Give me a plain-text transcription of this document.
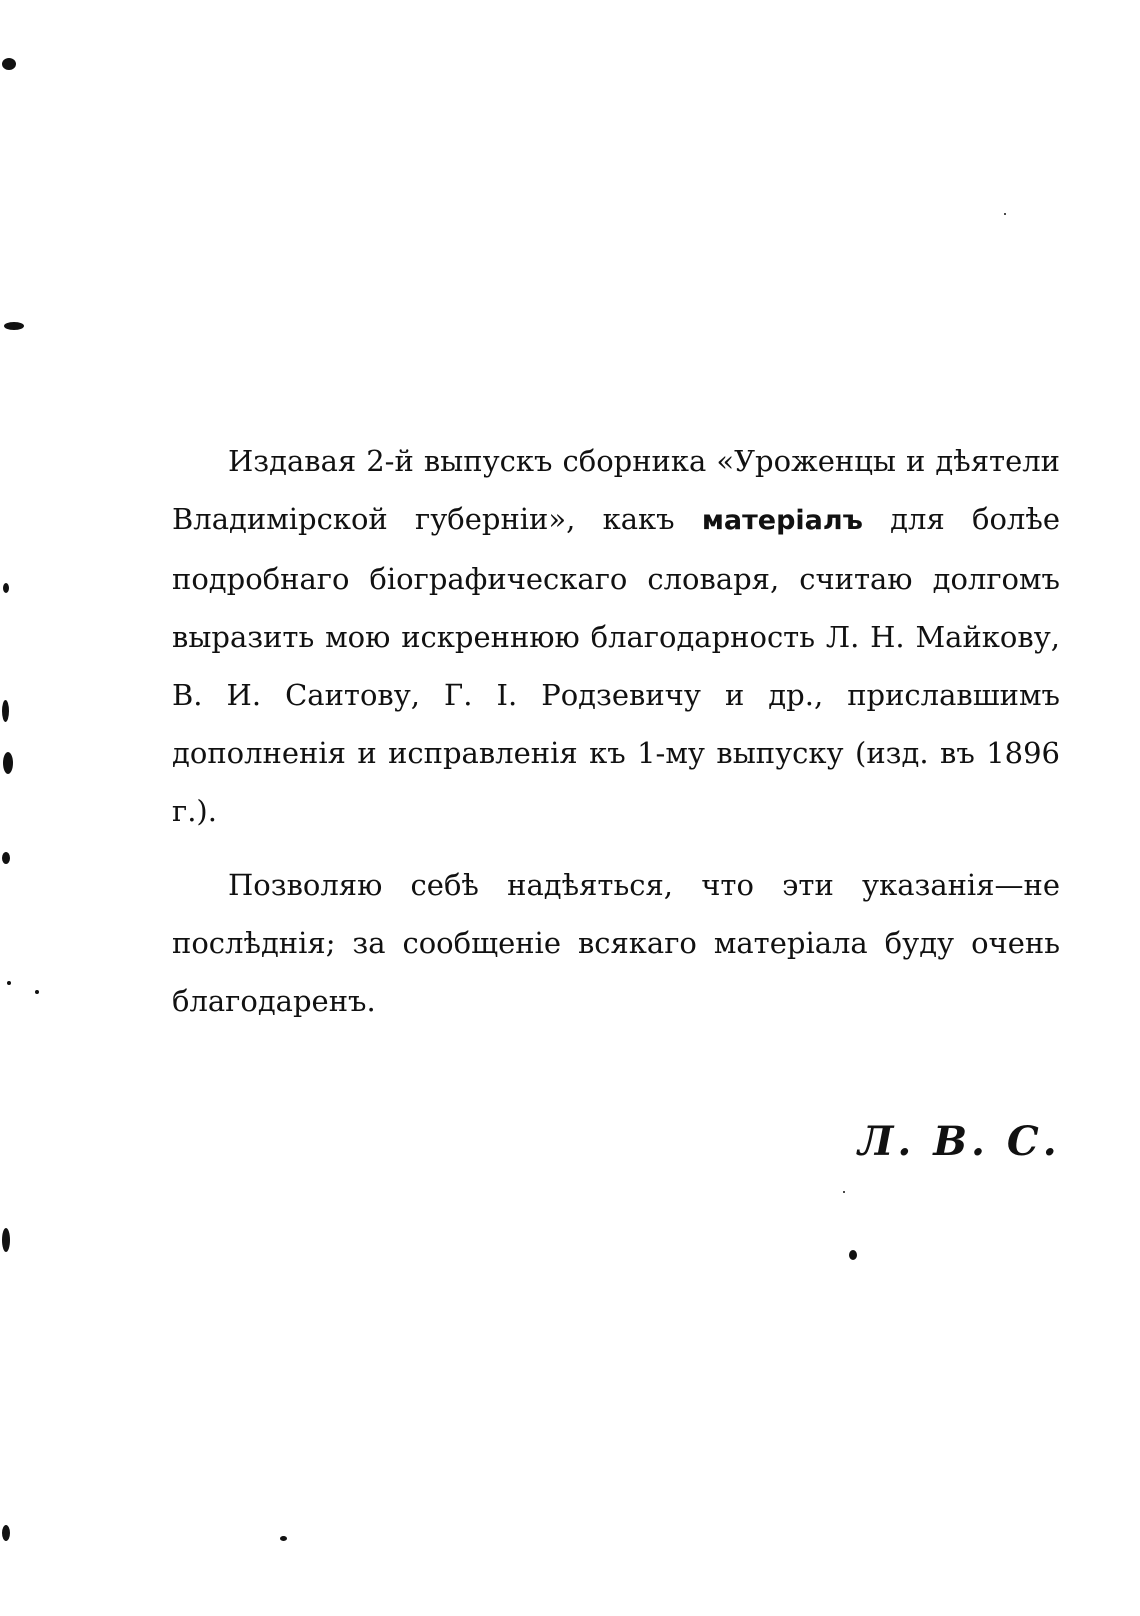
Издавая 2-й выпускъ сборника «Уроженцы и дѣятели Владимірской губерніи», какъ матеріалъ для болѣе подробнаго біографическаго словаря, считаю долгомъ выразить мою искреннюю благодарность Л. Н. Майкову, В. И. Саитову, Г. І. Родзевичу и др., приславшимъ дополненія и исправленія къ 1-му выпуску (изд. въ 1896 г.).

Позволяю себѣ надѣяться, что эти указанія—не послѣднія; за сообщеніе всякаго матеріала буду очень благодаренъ.

Л. В. С.
